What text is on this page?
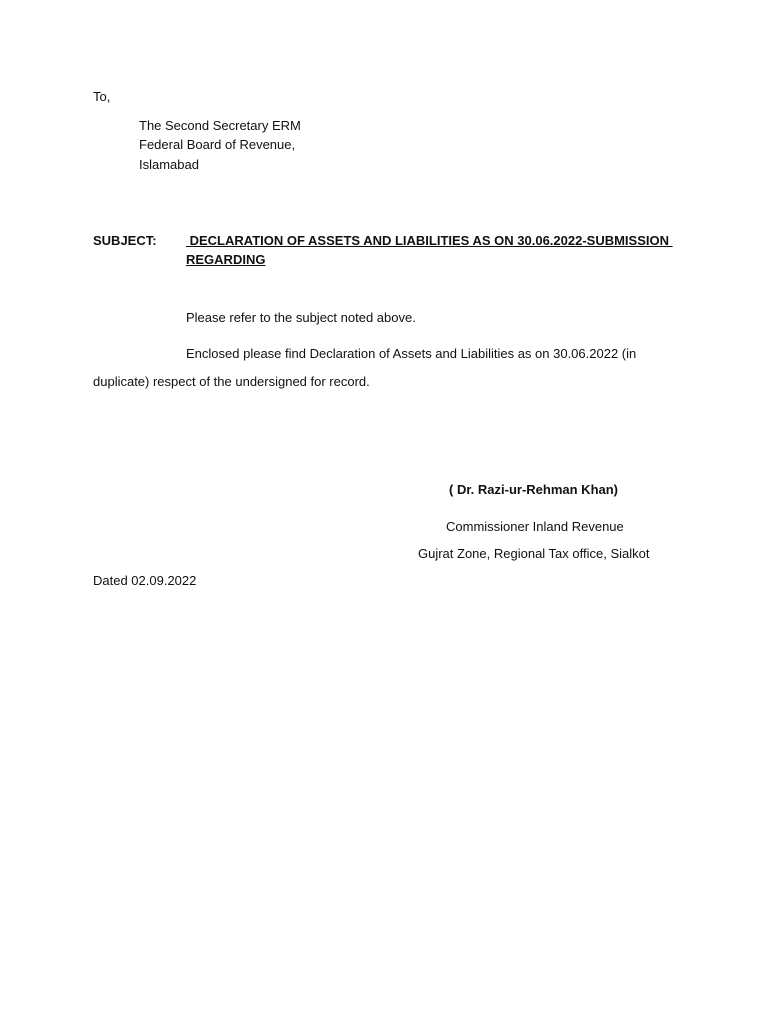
To,
The Second Secretary ERM
Federal Board of Revenue,
Islamabad
SUBJECT: DECLARATION OF ASSETS AND LIABILITIES AS ON 30.06.2022-SUBMISSION
REGARDING
Please refer to the subject noted above.
Enclosed please find Declaration of Assets and Liabilities as on 30.06.2022 (in
duplicate) respect of the undersigned for record.
( Dr. Razi-ur-Rehman Khan)
Commissioner Inland Revenue
Gujrat Zone, Regional Tax office, Sialkot
Dated 02.09.2022
